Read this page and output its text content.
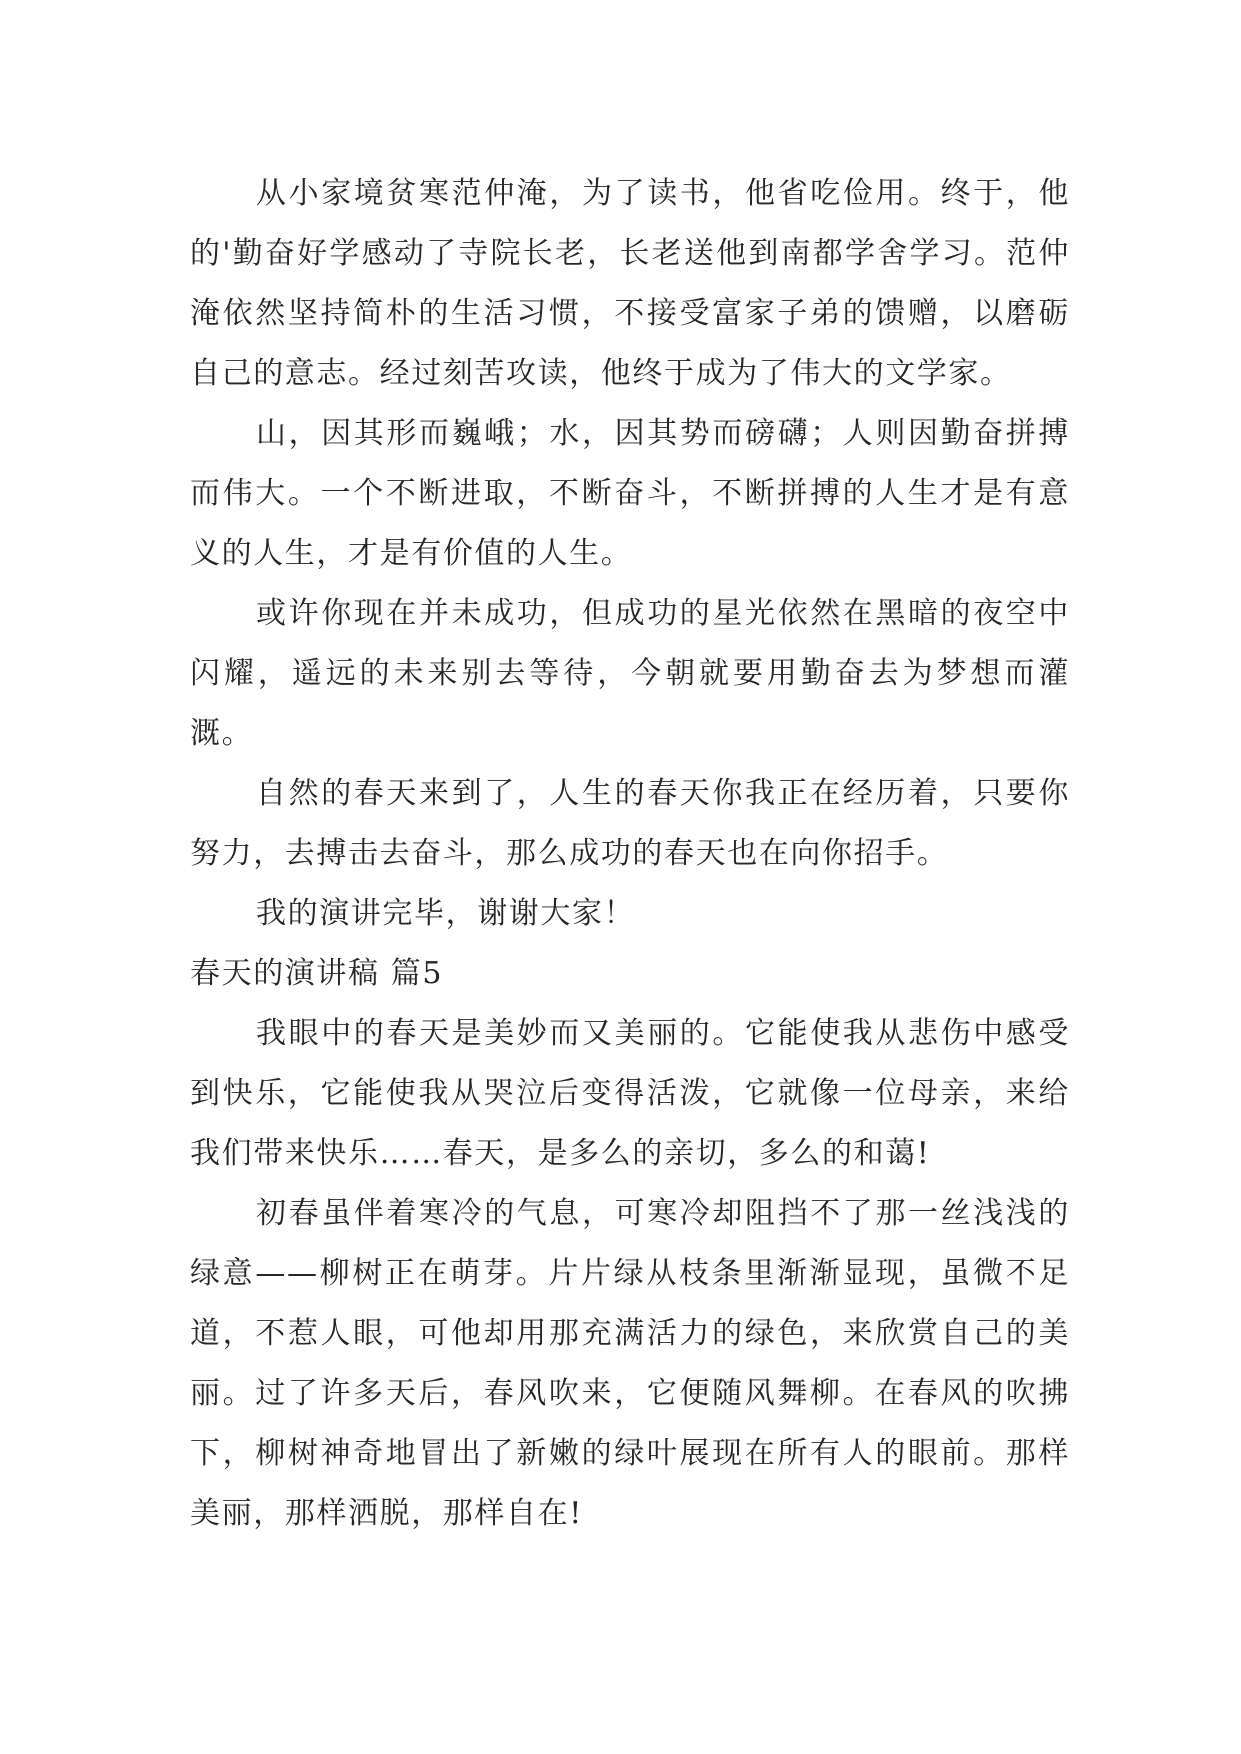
从小家境贫寒范仲淹，为了读书，他省吃俭用。终于，他的'勤奋好学感动了寺院长老，长老送他到南都学舍学习。范仲淹依然坚持简朴的生活习惯，不接受富家子弟的馈赠，以磨砺自己的意志。经过刻苦攻读，他终于成为了伟大的文学家。

山，因其形而巍峨；水，因其势而磅礴；人则因勤奋拼搏而伟大。一个不断进取，不断奋斗，不断拼搏的人生才是有意义的人生，才是有价值的人生。

或许你现在并未成功，但成功的星光依然在黑暗的夜空中闪耀，遥远的未来别去等待，今朝就要用勤奋去为梦想而灌溉。

自然的春天来到了，人生的春天你我正在经历着，只要你努力，去搏击去奋斗，那么成功的春天也在向你招手。

我的演讲完毕，谢谢大家！

春天的演讲稿 篇5

我眼中的春天是美妙而又美丽的。它能使我从悲伤中感受到快乐，它能使我从哭泣后变得活泼，它就像一位母亲，来给我们带来快乐……春天，是多么的亲切，多么的和蔼!

初春虽伴着寒冷的气息，可寒冷却阻挡不了那一丝浅浅的绿意——柳树正在萌芽。片片绿从枝条里渐渐显现，虽微不足道，不惹人眼，可他却用那充满活力的绿色，来欣赏自己的美丽。过了许多天后，春风吹来，它便随风舞柳。在春风的吹拂下，柳树神奇地冒出了新嫩的绿叶展现在所有人的眼前。那样美丽，那样洒脱，那样自在!
